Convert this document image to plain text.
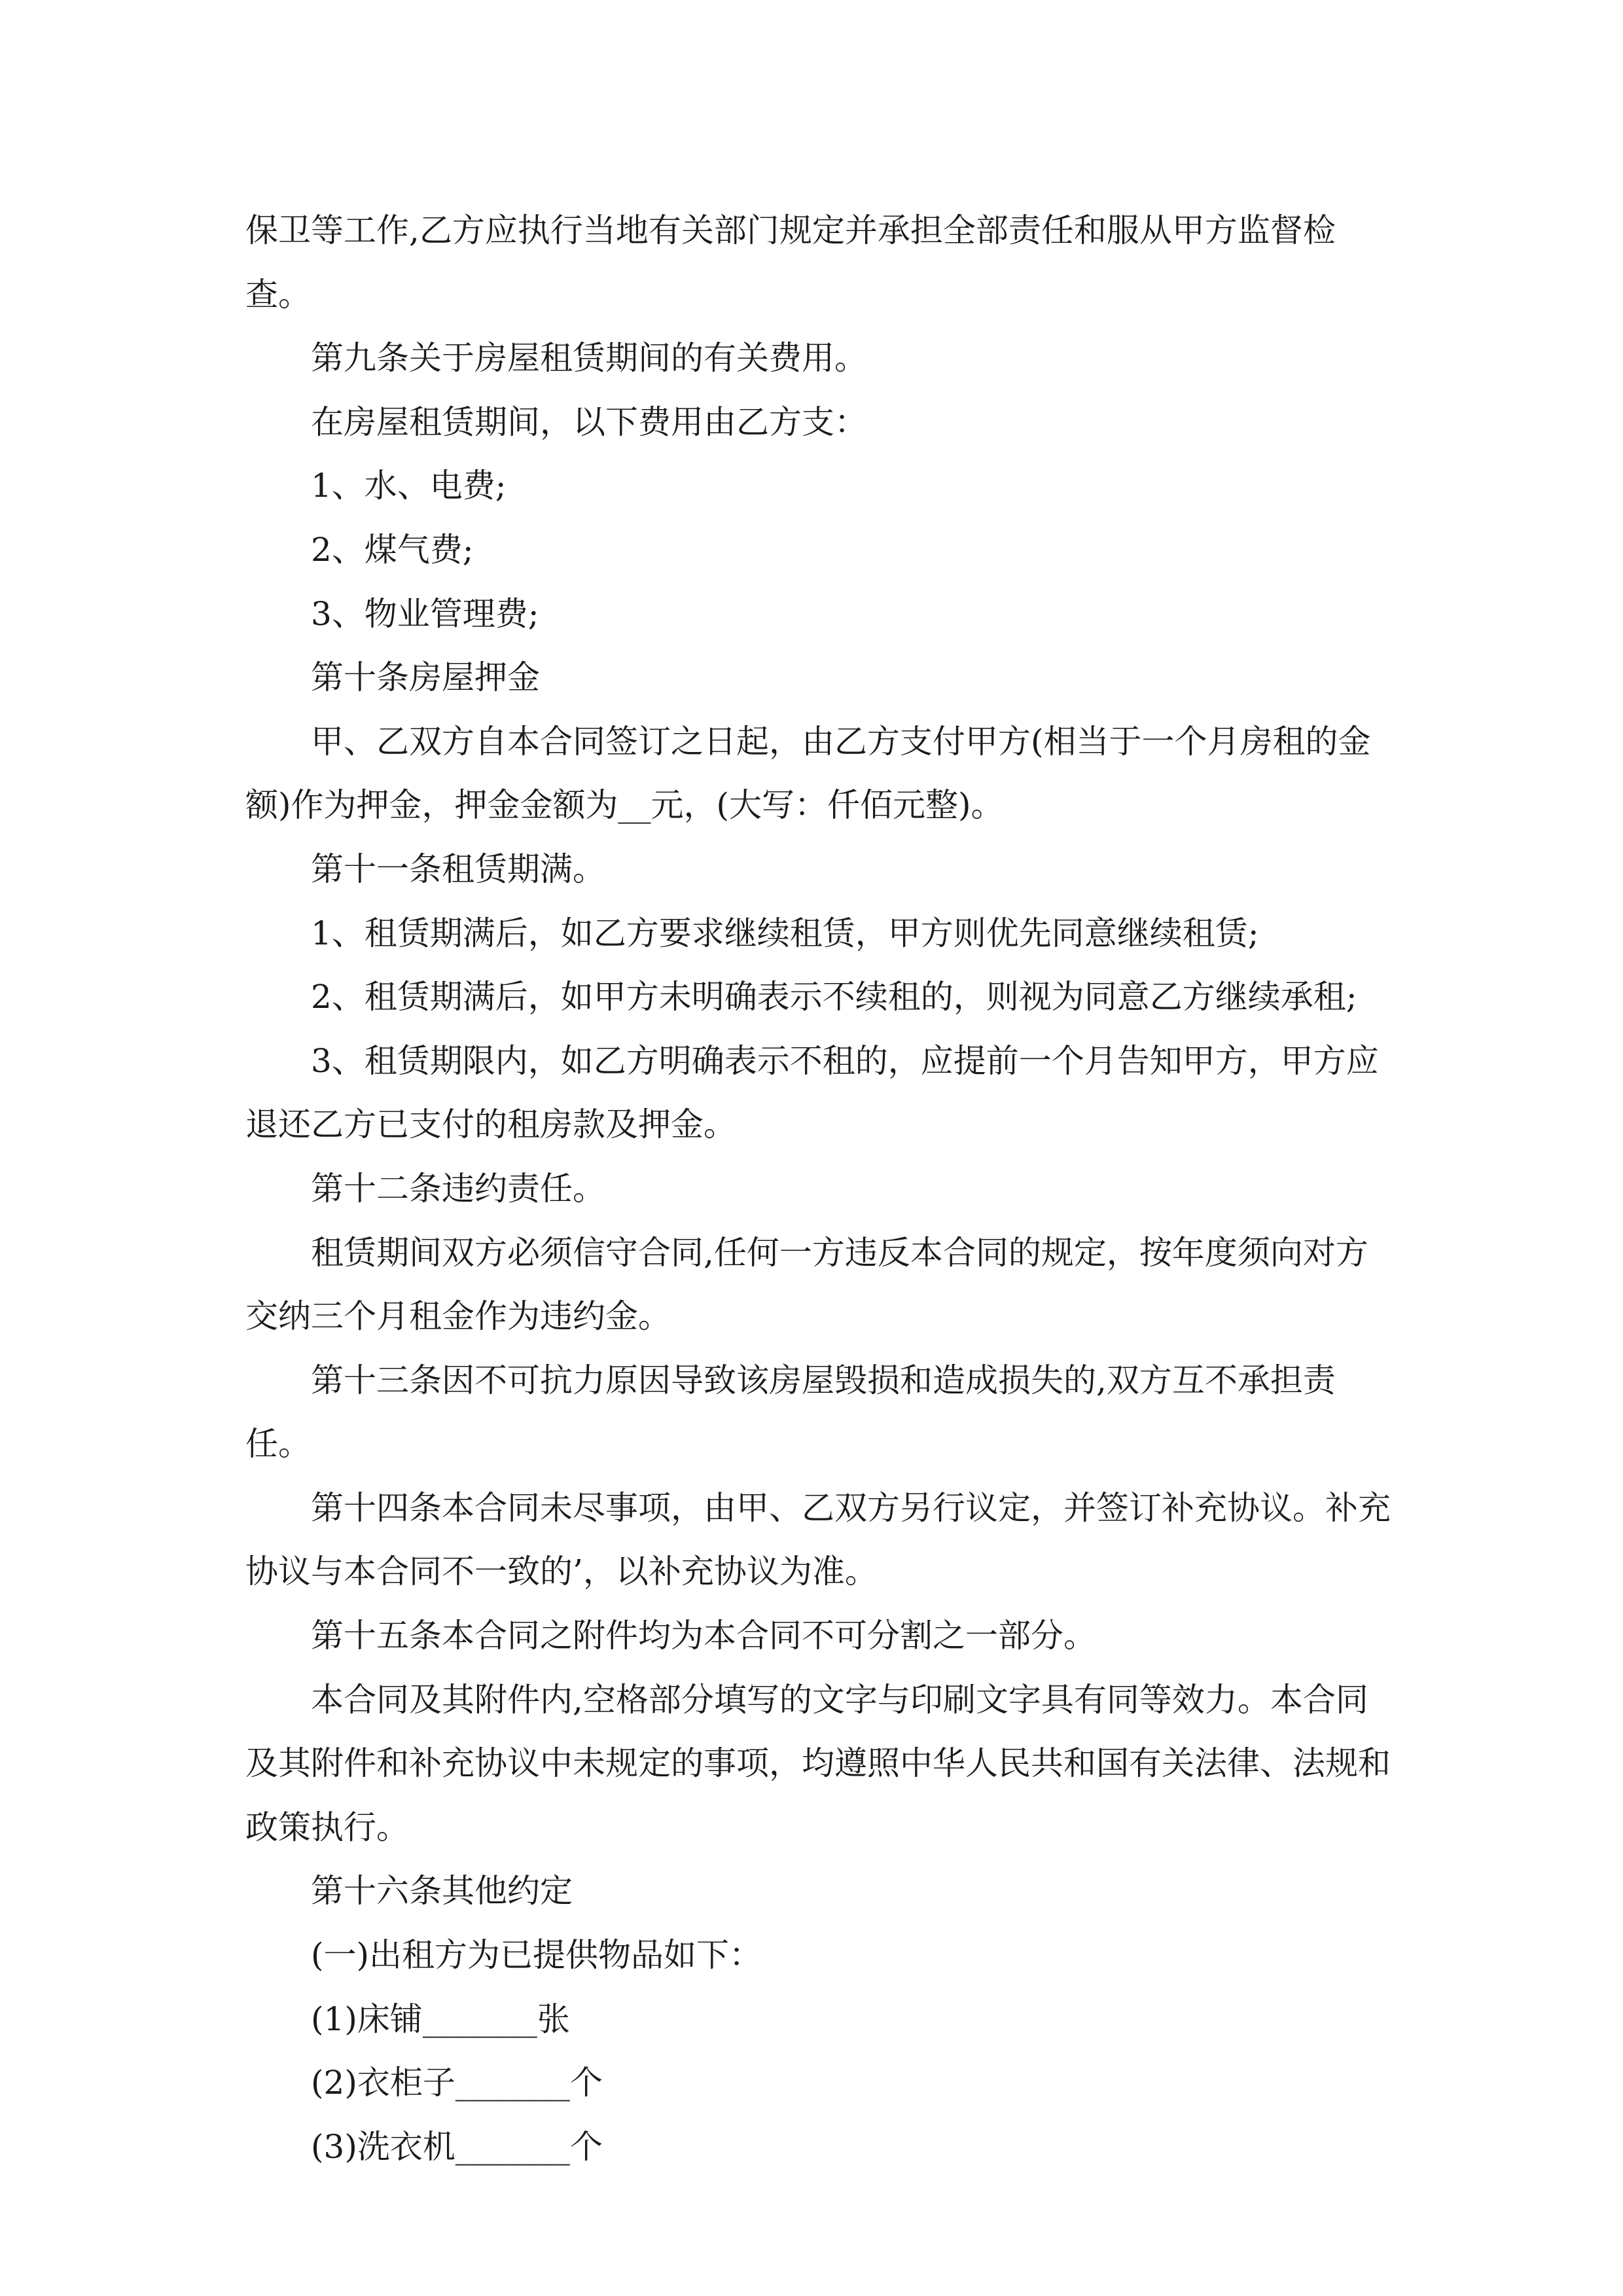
保卫等工作,乙方应执行当地有关部门规定并承担全部责任和服从甲方监督检查。

第九条关于房屋租赁期间的有关费用。

在房屋租赁期间，以下费用由乙方支：

1、水、电费;

2、煤气费;

3、物业管理费;

第十条房屋押金

甲、乙双方自本合同签订之日起，由乙方支付甲方(相当于一个月房租的金额)作为押金，押金金额为__元，(大写：仟佰元整)。

第十一条租赁期满。

1、租赁期满后，如乙方要求继续租赁，甲方则优先同意继续租赁;

2、租赁期满后，如甲方未明确表示不续租的，则视为同意乙方继续承租;

3、租赁期限内，如乙方明确表示不租的，应提前一个月告知甲方，甲方应退还乙方已支付的租房款及押金。

第十二条违约责任。

租赁期间双方必须信守合同,任何一方违反本合同的规定，按年度须向对方交纳三个月租金作为违约金。

第十三条因不可抗力原因导致该房屋毁损和造成损失的,双方互不承担责任。

第十四条本合同未尽事项，由甲、乙双方另行议定，并签订补充协议。补充协议与本合同不一致的’，以补充协议为准。

第十五条本合同之附件均为本合同不可分割之一部分。

本合同及其附件内,空格部分填写的文字与印刷文字具有同等效力。本合同及其附件和补充协议中未规定的事项，均遵照中华人民共和国有关法律、法规和政策执行。

第十六条其他约定

(一)出租方为已提供物品如下：

(1)床铺_______张

(2)衣柜子_______个

(3)洗衣机_______个
